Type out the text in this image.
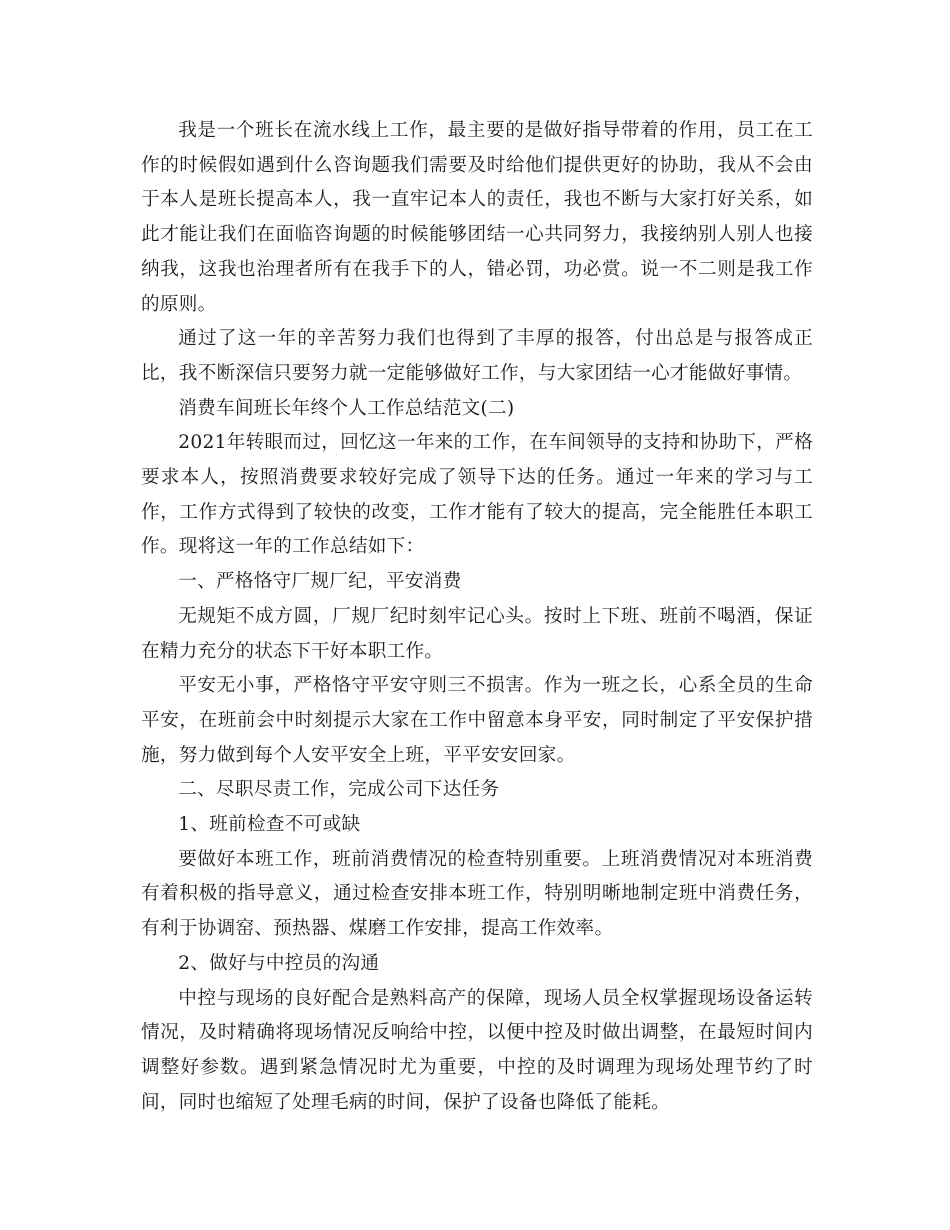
我是一个班长在流水线上工作，最主要的是做好指导带着的作用，员工在工作的时候假如遇到什么咨询题我们需要及时给他们提供更好的协助，我从不会由于本人是班长提高本人，我一直牢记本人的责任，我也不断与大家打好关系，如此才能让我们在面临咨询题的时候能够团结一心共同努力，我接纳别人别人也接纳我，这我也治理者所有在我手下的人，错必罚，功必赏。说一不二则是我工作的原则。

通过了这一年的辛苦努力我们也得到了丰厚的报答，付出总是与报答成正比，我不断深信只要努力就一定能够做好工作，与大家团结一心才能做好事情。

消费车间班长年终个人工作总结范文(二)

2021年转眼而过，回忆这一年来的工作，在车间领导的支持和协助下，严格要求本人，按照消费要求较好完成了领导下达的任务。通过一年来的学习与工作，工作方式得到了较快的改变，工作才能有了较大的提高，完全能胜任本职工作。现将这一年的工作总结如下：

一、严格恪守厂规厂纪，平安消费

无规矩不成方圆，厂规厂纪时刻牢记心头。按时上下班、班前不喝酒，保证在精力充分的状态下干好本职工作。

平安无小事，严格恪守平安守则三不损害。作为一班之长，心系全员的生命平安，在班前会中时刻提示大家在工作中留意本身平安，同时制定了平安保护措施，努力做到每个人安平安全上班，平平安安回家。

二、尽职尽责工作，完成公司下达任务

1、班前检查不可或缺

要做好本班工作，班前消费情况的检查特别重要。上班消费情况对本班消费有着积极的指导意义，通过检查安排本班工作，特别明晰地制定班中消费任务，有利于协调窑、预热器、煤磨工作安排，提高工作效率。

2、做好与中控员的沟通

中控与现场的良好配合是熟料高产的保障，现场人员全权掌握现场设备运转情况，及时精确将现场情况反响给中控，以便中控及时做出调整，在最短时间内调整好参数。遇到紧急情况时尤为重要，中控的及时调理为现场处理节约了时间，同时也缩短了处理毛病的时间，保护了设备也降低了能耗。
